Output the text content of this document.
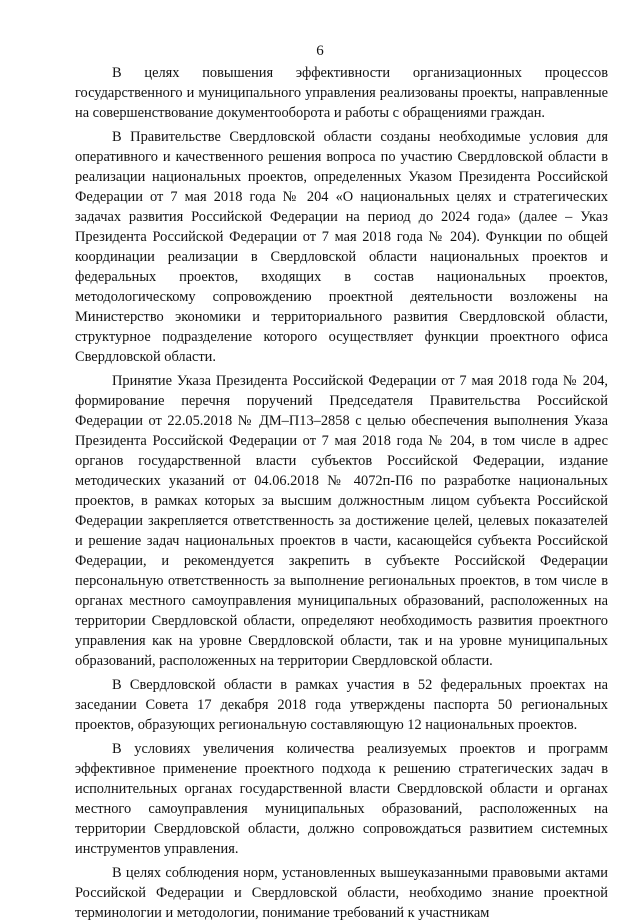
6

В целях повышения эффективности организационных процессов государственного и муниципального управления реализованы проекты, направленные на совершенствование документооборота и работы с обращениями граждан.

В Правительстве Свердловской области созданы необходимые условия для оперативного и качественного решения вопроса по участию Свердловской области в реализации национальных проектов, определенных Указом Президента Российской Федерации от 7 мая 2018 года № 204 «О национальных целях и стратегических задачах развития Российской Федерации на период до 2024 года» (далее – Указ Президента Российской Федерации от 7 мая 2018 года № 204). Функции по общей координации реализации в Свердловской области национальных проектов и федеральных проектов, входящих в состав национальных проектов, методологическому сопровождению проектной деятельности возложены на Министерство экономики и территориального развития Свердловской области, структурное подразделение которого осуществляет функции проектного офиса Свердловской области.

Принятие Указа Президента Российской Федерации от 7 мая 2018 года № 204, формирование перечня поручений Председателя Правительства Российской Федерации от 22.05.2018 № ДМ–П13–2858 с целью обеспечения выполнения Указа Президента Российской Федерации от 7 мая 2018 года № 204, в том числе в адрес органов государственной власти субъектов Российской Федерации, издание методических указаний от 04.06.2018 № 4072п-П6 по разработке национальных проектов, в рамках которых за высшим должностным лицом субъекта Российской Федерации закрепляется ответственность за достижение целей, целевых показателей и решение задач национальных проектов в части, касающейся субъекта Российской Федерации, и рекомендуется закрепить в субъекте Российской Федерации персональную ответственность за выполнение региональных проектов, в том числе в органах местного самоуправления муниципальных образований, расположенных на территории Свердловской области, определяют необходимость развития проектного управления как на уровне Свердловской области, так и на уровне муниципальных образований, расположенных на территории Свердловской области.

В Свердловской области в рамках участия в 52 федеральных проектах на заседании Совета 17 декабря 2018 года утверждены паспорта 50 региональных проектов, образующих региональную составляющую 12 национальных проектов.

В условиях увеличения количества реализуемых проектов и программ эффективное применение проектного подхода к решению стратегических задач в исполнительных органах государственной власти Свердловской области и органах местного самоуправления муниципальных образований, расположенных на территории Свердловской области, должно сопровождаться развитием системных инструментов управления.

В целях соблюдения норм, установленных вышеуказанными правовыми актами Российской Федерации и Свердловской области, необходимо знание проектной терминологии и методологии, понимание требований к участникам
